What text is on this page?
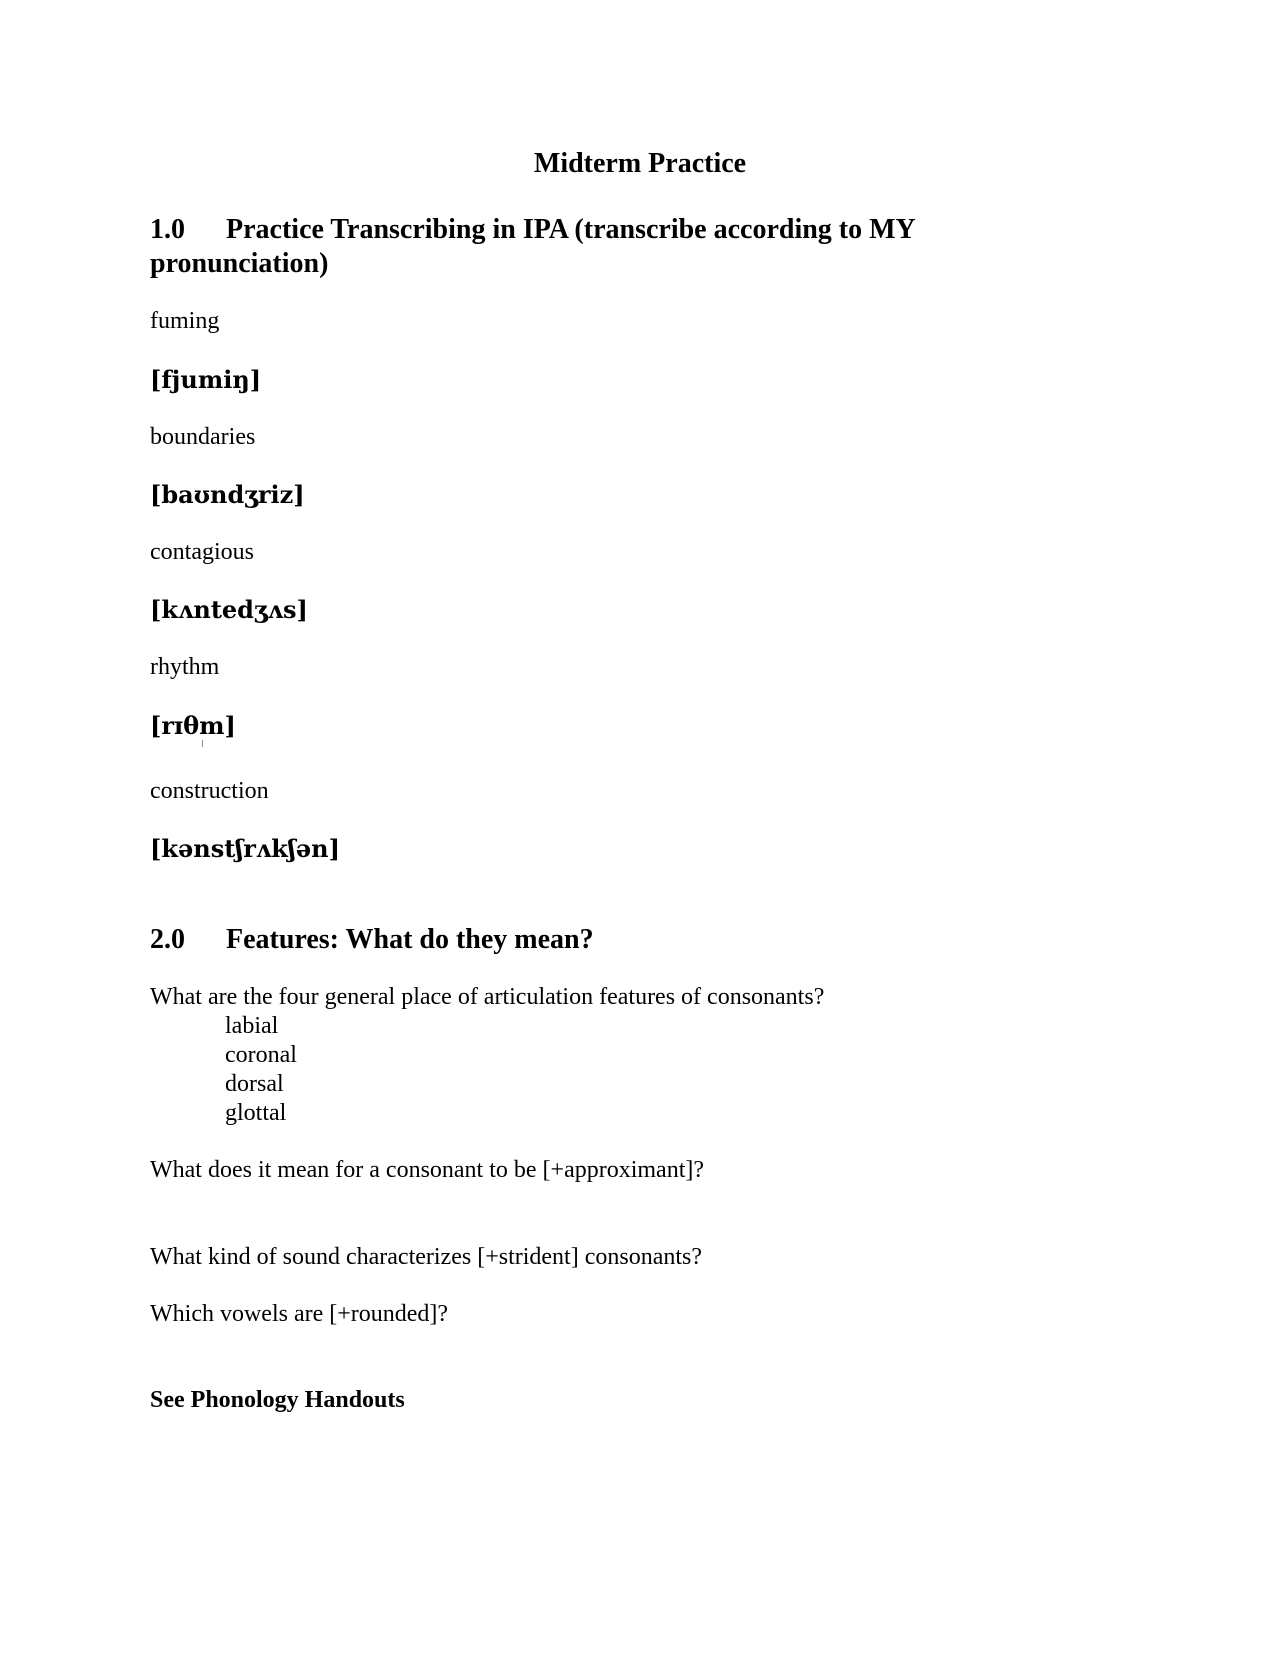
Midterm Practice
1.0 Practice Transcribing in IPA (transcribe according to MY
pronunciation)
fuming
[fjumiŋ]
boundaries
[baʊndʒriz]
contagious
[kʌntedʒʌs]
rhythm
[rɪθm]
construction
[kənstʃrʌkʃən]
2.0 Features: What do they mean?
What are the four general place of articulation features of consonants?
labial
coronal
dorsal
glottal
What does it mean for a consonant to be [+approximant]?
What kind of sound characterizes [+strident] consonants?
Which vowels are [+rounded]?
See Phonology Handouts
